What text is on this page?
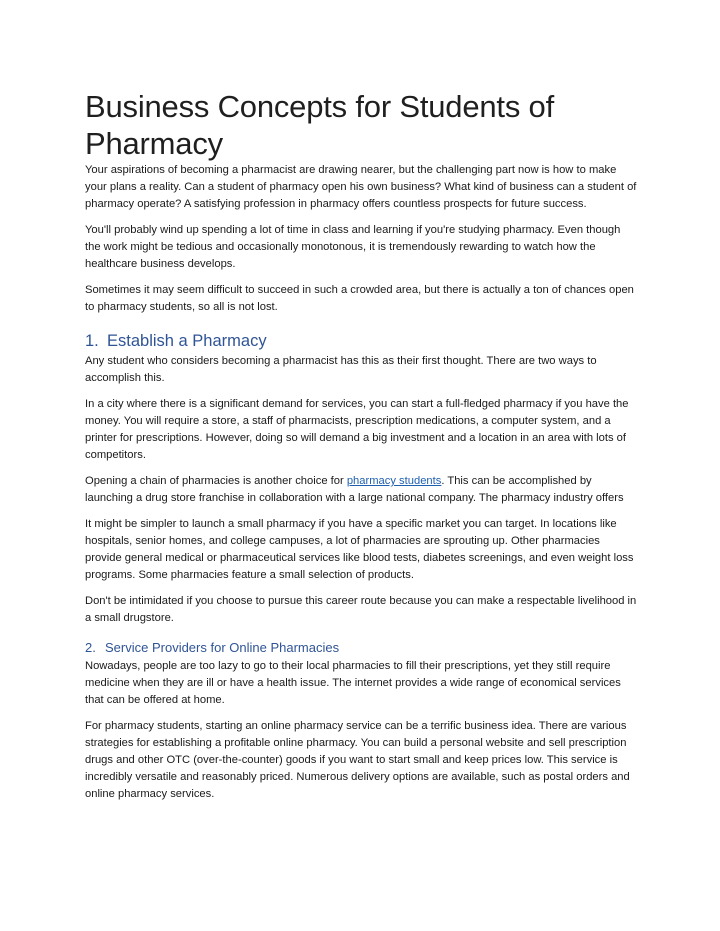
Business Concepts for Students of Pharmacy

Your aspirations of becoming a pharmacist are drawing nearer, but the challenging part now is how to make your plans a reality. Can a student of pharmacy open his own business? What kind of business can a student of pharmacy operate? A satisfying profession in pharmacy offers countless prospects for future success.

You'll probably wind up spending a lot of time in class and learning if you're studying pharmacy. Even though the work might be tedious and occasionally monotonous, it is tremendously rewarding to watch how the healthcare business develops.

Sometimes it may seem difficult to succeed in such a crowded area, but there is actually a ton of chances open to pharmacy students, so all is not lost.

1. Establish a Pharmacy

Any student who considers becoming a pharmacist has this as their first thought. There are two ways to accomplish this.

In a city where there is a significant demand for services, you can start a full-fledged pharmacy if you have the money. You will require a store, a staff of pharmacists, prescription medications, a computer system, and a printer for prescriptions. However, doing so will demand a big investment and a location in an area with lots of competitors.

Opening a chain of pharmacies is another choice for pharmacy students. This can be accomplished by launching a drug store franchise in collaboration with a large national company. The pharmacy industry offers

It might be simpler to launch a small pharmacy if you have a specific market you can target. In locations like hospitals, senior homes, and college campuses, a lot of pharmacies are sprouting up. Other pharmacies provide general medical or pharmaceutical services like blood tests, diabetes screenings, and even weight loss programs. Some pharmacies feature a small selection of products.

Don't be intimidated if you choose to pursue this career route because you can make a respectable livelihood in a small drugstore.

2. Service Providers for Online Pharmacies

Nowadays, people are too lazy to go to their local pharmacies to fill their prescriptions, yet they still require medicine when they are ill or have a health issue. The internet provides a wide range of economical services that can be offered at home.

For pharmacy students, starting an online pharmacy service can be a terrific business idea. There are various strategies for establishing a profitable online pharmacy. You can build a personal website and sell prescription drugs and other OTC (over-the-counter) goods if you want to start small and keep prices low. This service is incredibly versatile and reasonably priced. Numerous delivery options are available, such as postal orders and online pharmacy services.
